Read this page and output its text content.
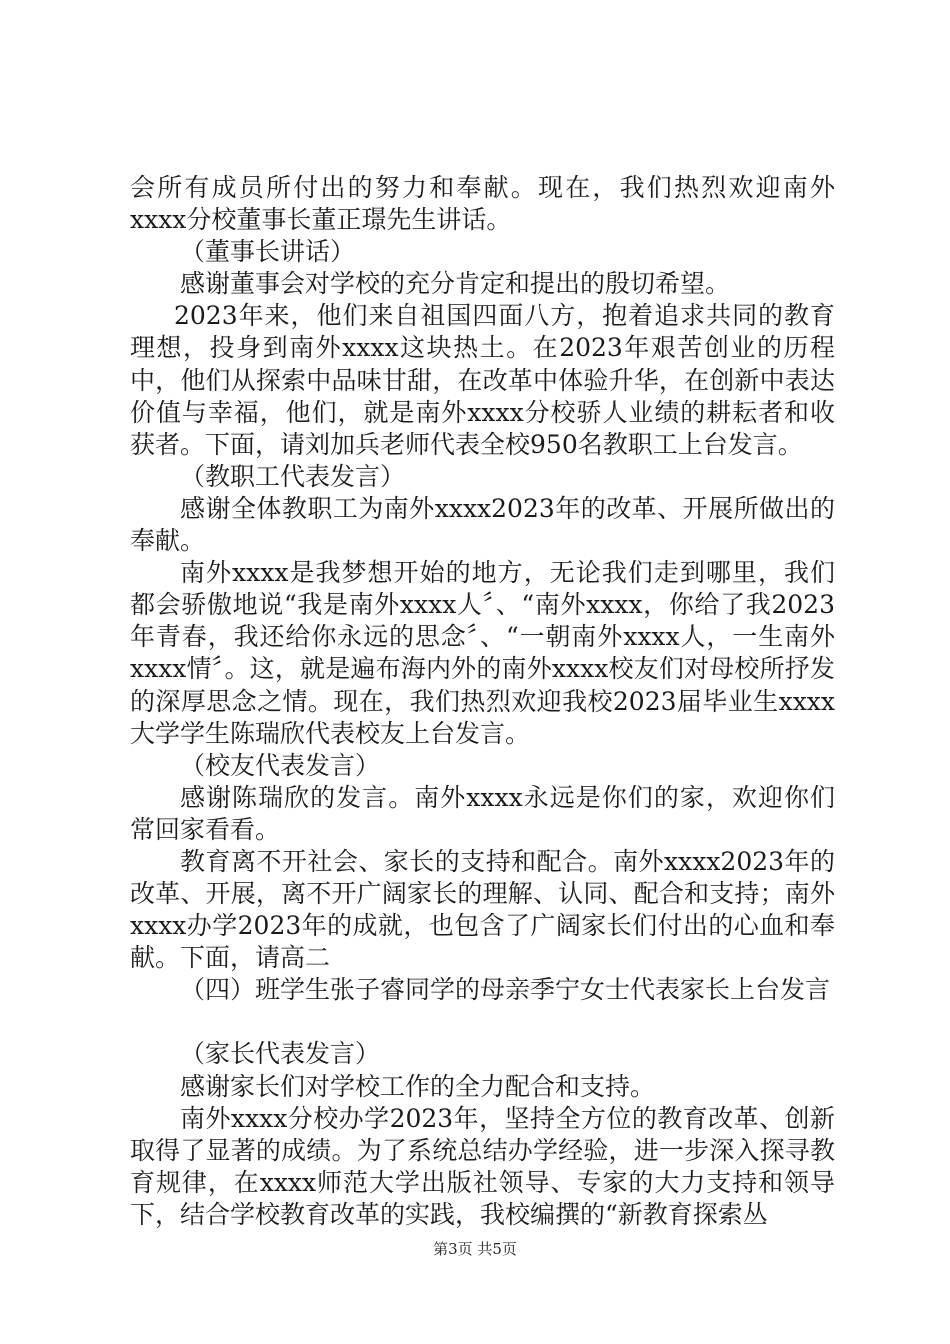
会所有成员所付出的努力和奉献。现在，我们热烈欢迎南外xxxx分校董事长董正璟先生讲话。

（董事长讲话）

感谢董事会对学校的充分肯定和提出的殷切希望。

2023年来，他们来自祖国四面八方，抱着追求共同的教育理想，投身到南外xxxx这块热土。在2023年艰苦创业的历程中，他们从探索中品味甘甜，在改革中体验升华，在创新中表达价值与幸福，他们，就是南外xxxx分校骄人业绩的耕耘者和收获者。下面，请刘加兵老师代表全校950名教职工上台发言。

（教职工代表发言）

感谢全体教职工为南外xxxx2023年的改革、开展所做出的奉献。

南外xxxx是我梦想开始的地方，无论我们走到哪里，我们都会骄傲地说“我是南外xxxx人〞、“南外xxxx，你给了我2023年青春，我还给你永远的思念〞、“一朝南外xxxx人，一生南外xxxx情〞。这，就是遍布海内外的南外xxxx校友们对母校所抒发的深厚思念之情。现在，我们热烈欢迎我校2023届毕业生xxxx大学学生陈瑞欣代表校友上台发言。

（校友代表发言）

感谢陈瑞欣的发言。南外xxxx永远是你们的家，欢迎你们常回家看看。

教育离不开社会、家长的支持和配合。南外xxxx2023年的改革、开展，离不开广阔家长的理解、认同、配合和支持；南外xxxx办学2023年的成就，也包含了广阔家长们付出的心血和奉献。下面，请高二

（四）班学生张子睿同学的母亲季宁女士代表家长上台发言

（家长代表发言）

感谢家长们对学校工作的全力配合和支持。

南外xxxx分校办学2023年，坚持全方位的教育改革、创新取得了显著的成绩。为了系统总结办学经验，进一步深入探寻教育规律，在xxxx师范大学出版社领导、专家的大力支持和领导下，结合学校教育改革的实践，我校编撰的“新教育探索丛

第3页 共5页
